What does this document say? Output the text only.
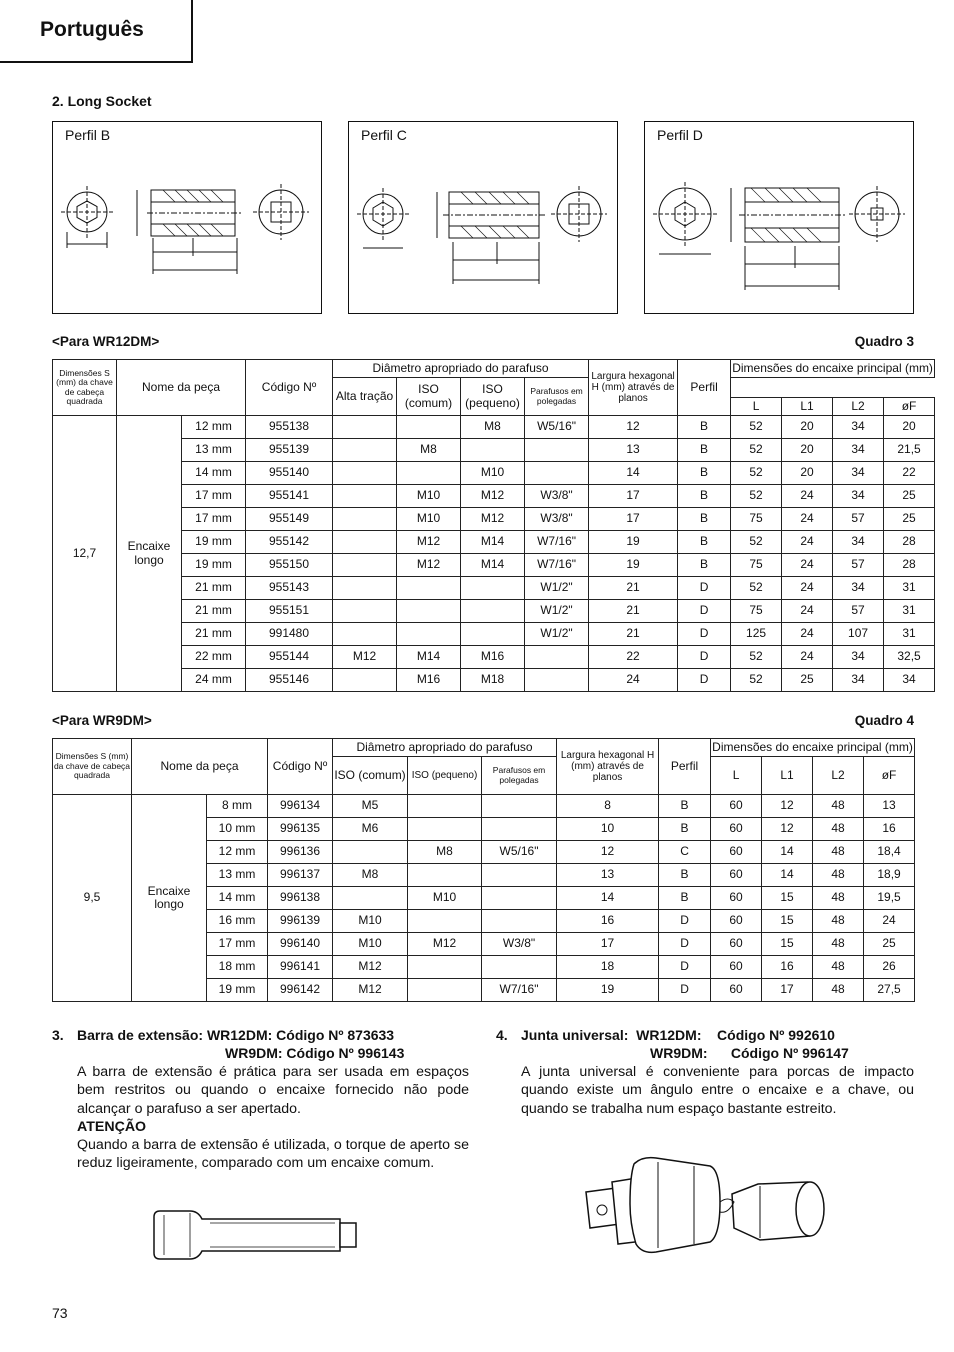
Português
2. Long Socket
Perfil B	Perfil C	Perfil D
<Para WR12DM>	Quadro 3
Dimensões S (mm) da chave de cabeça quadrada	Nome da peça		Código Nº	Diâmetro apropriado do parafuso				Largura hexagonal H (mm) através de planos	Perfil	Dimensões do encaixe principal (mm)			
				Alta tração	ISO (comum)	ISO (pequeno)	Parafusos em polegadas						
										L	L1	L2	øF
12,7	Encaixe longo	12 mm	955138			M8	W5/16"	12	B	52	20	34	20
		13 mm	955139		M8			13	B	52	20	34	21,5
		14 mm	955140			M10		14	B	52	20	34	22
		17 mm	955141		M10	M12	W3/8"	17	B	52	24	34	25
		17 mm	955149		M10	M12	W3/8"	17	B	75	24	57	25
		19 mm	955142		M12	M14	W7/16"	19	B	52	24	34	28
		19 mm	955150		M12	M14	W7/16"	19	B	75	24	57	28
		21 mm	955143				W1/2"	21	D	52	24	34	31
		21 mm	955151				W1/2"	21	D	75	24	57	31
		21 mm	991480				W1/2"	21	D	125	24	107	31
		22 mm	955144	M12	M14	M16		22	D	52	24	34	32,5
		24 mm	955146		M16	M18		24	D	52	25	34	34
<Para WR9DM>	Quadro 4
Dimensões S (mm) da chave de cabeça quadrada	Nome da peça		Código Nº	Diâmetro apropriado do parafuso			Largura hexagonal H (mm) através de planos	Perfil	Dimensões do encaixe principal (mm)			
				ISO (comum)	ISO (pequeno)	Parafusos em polegadas			L	L1	L2	øF
9,5	Encaixe longo	8 mm	996134	M5			8	B	60	12	48	13
		10 mm	996135	M6			10	B	60	12	48	16
		12 mm	996136		M8	W5/16"	12	C	60	14	48	18,4
		13 mm	996137	M8			13	B	60	14	48	18,9
		14 mm	996138		M10		14	B	60	15	48	19,5
		16 mm	996139	M10			16	D	60	15	48	24
		17 mm	996140	M10	M12	W3/8"	17	D	60	15	48	25
		18 mm	996141	M12			18	D	60	16	48	26
		19 mm	996142	M12		W7/16"	19	D	60	17	48	27,5
3. Barra de extensão: WR12DM: Código Nº 873633
WR9DM: Código Nº 996143
A barra de extensão é prática para ser usada em espaços bem restritos ou quando o encaixe fornecido não pode alcançar o parafuso a ser apertado.
ATENÇÃO
Quando a barra de extensão é utilizada, o torque de aperto se reduz ligeiramente, comparado com um encaixe comum.
4. Junta universal:  WR12DM:    Código Nº 992610
WR9DM:      Código Nº 996147
A junta universal é conveniente para porcas de impacto quando existe um ângulo entre o encaixe e a chave, ou quando se trabalha num espaço bastante estreito.
73
